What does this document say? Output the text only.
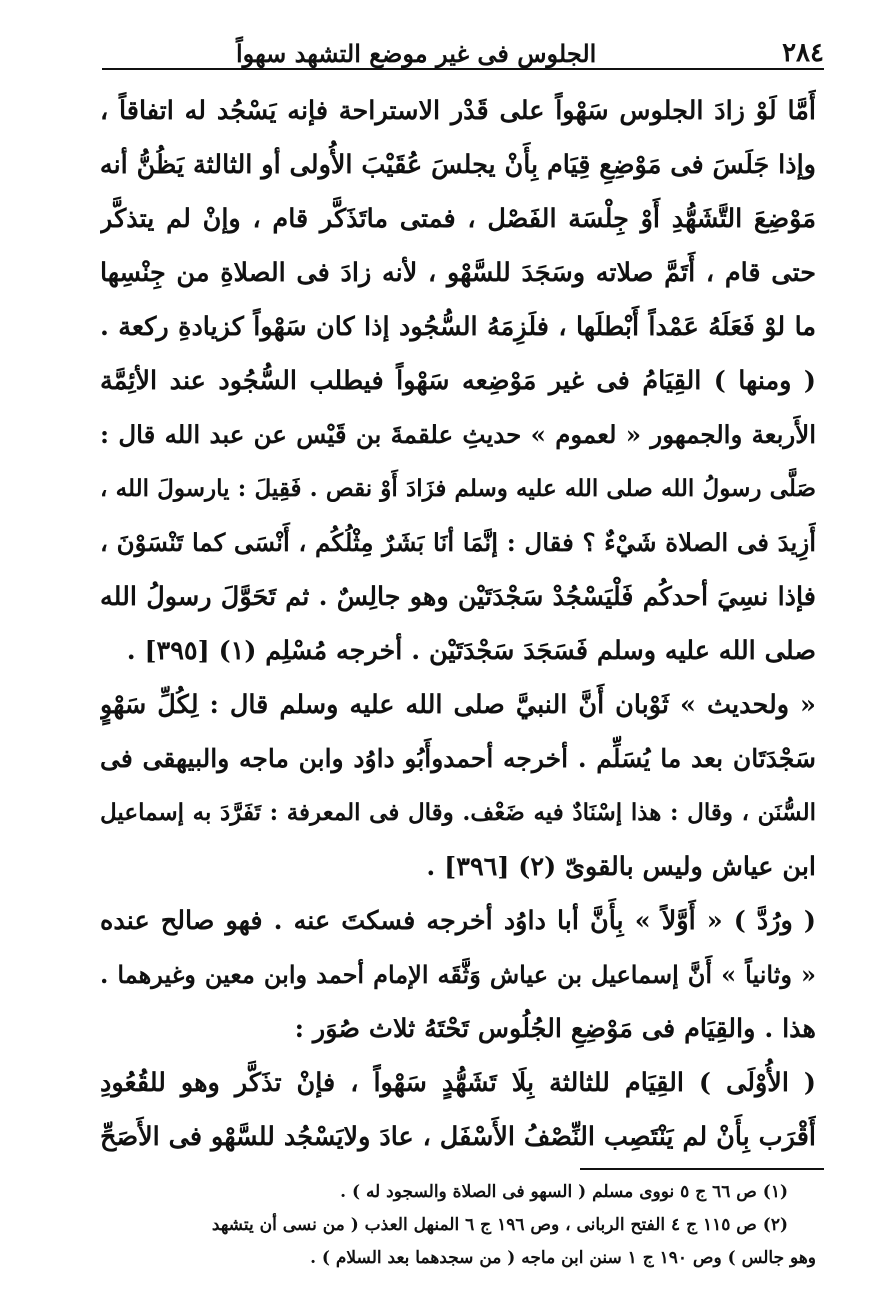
٢٨٤
الجلوس فى غير موضع التشهد سهواً
أَمَّا لَوْ زادَ الجلوس سَهْواً على قَدْر الاستراحة فإنه يَسْجُد له اتفاقاً ،
وإذا جَلَسَ فى مَوْضِعِ قِيَام بِأَنْ يجلسَ عُقَيْبَ الأُولى أو الثالثة يَظُنُّ أنه
مَوْضِعَ التَّشَهُّدِ أَوْ جِلْسَة الفَصْل ، فمتى ماتَذَكَّر قام ، وإنْ لم يتذكَّر
حتى قام ، أَتَمَّ صلاته وسَجَدَ للسَّهْو ، لأنه زادَ فى الصلاةِ من جِنْسِها
ما لوْ فَعَلَهُ عَمْداً أَبْطلَها ، فلَزِمَهُ السُّجُود إذا كان سَهْواً كزيادةِ ركعة .
( ومنها ) القِيَامُ فى غير مَوْضِعه سَهْواً فيطلب السُّجُود عند الأئِمَّة
الأَربعة والجمهور « لعموم » حديثِ علقمةَ بن قَيْس عن عبد الله قال :
صَلَّى رسولُ الله صلى الله عليه وسلم فزَادَ أَوْ نقص . فَقِيلَ : يارسولَ الله ،
أَزِيدَ فى الصلاة شَيْءٌ ؟ فقال : إنَّمَا أنَا بَشَرٌ مِثْلُكُم ، أَنْسَى كما تَنْسَوْنَ ،
فإذا نسِيَ أحدكُم فَلْيَسْجُدْ سَجْدَتَيْن وهو جالِسٌ . ثم تَحَوَّلَ رسولُ الله
صلى الله عليه وسلم فَسَجَدَ سَجْدَتَيْن . أخرجه مُسْلِم (١) [٣٩٥] .
« ولحديث » ثَوْبان أَنَّ النبيَّ صلى الله عليه وسلم قال : لِكُلِّ سَهْوٍ
سَجْدَتَان بعد ما يُسَلِّم . أخرجه أحمدوأَبُو داوُد وابن ماجه والبيهقى فى
السُّنَن ، وقال : هذا إسْنَادٌ فيه ضَعْف. وقال فى المعرفة : تَفَرَّدَ به إسماعيل
ابن عياش وليس بالقوىّ (٢) [٣٩٦] .
( ورُدَّ ) « أَوَّلاً » بِأَنَّ أبا داوُد أخرجه فسكتَ عنه . فهو صالح عنده
« وثانياً » أَنَّ إسماعيل بن عياش وَثَّقَه الإمام أحمد وابن معين وغيرهما .
هذا . والقِيَام فى مَوْضِعِ الجُلُوس تَحْتَهُ ثلاث صُوَر :
( الأُوْلَى ) القِيَام للثالثة بِلَا تَشَهُّدٍ سَهْواً ، فإنْ تذَكَّر وهو للقُعُودِ
أَقْرَب بِأَنْ لم يَنْتَصِب النِّصْفُ الأَسْفَل ، عادَ ولايَسْجُد للسَّهْو فى الأَصَحِّ
(١) ص ٦٦ ج ٥ نووى مسلم ( السهو فى الصلاة والسجود له ) .
(٢) ص ١١٥ ج ٤ الفتح الربانى ، وص ١٩٦ ج ٦ المنهل العذب ( من نسى أن يتشهد
وهو جالس ) وص ١٩٠ ج ١ سنن ابن ماجه ( من سجدهما بعد السلام ) .
